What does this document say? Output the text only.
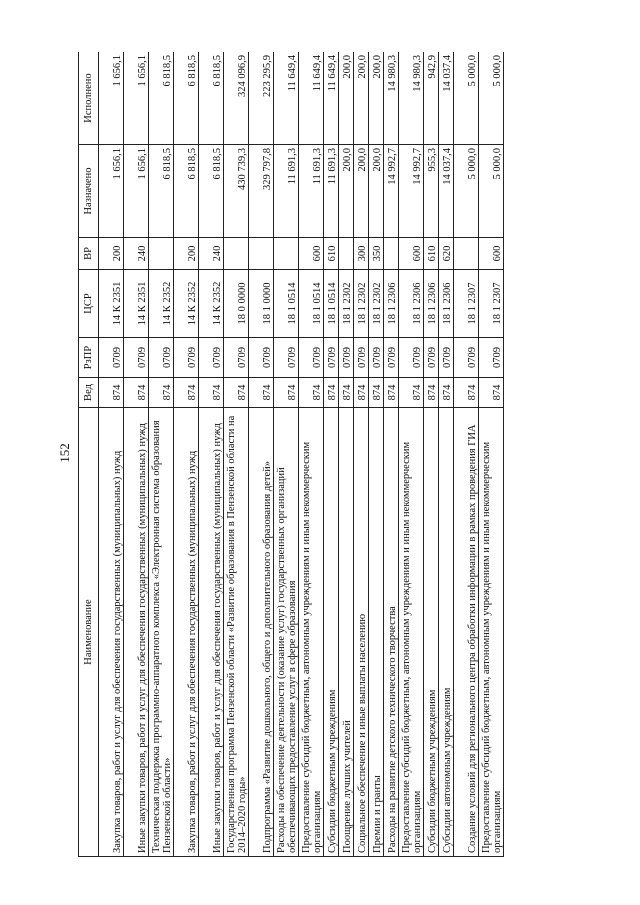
152
Наименование	Вед	РзПР	ЦСР	ВР	Назначено	Исполнено
Закупка товаров, работ и услуг для обеспечения государственных (муниципальных) нужд	874	0709	14 К 2351	200	1 656,1	1 656,1
Иные закупки товаров, работ и услуг для обеспечения государственных (муниципальных) нужд	874	0709	14 К 2351	240	1 656,1	1 656,1
Техническая поддержка программно-аппаратного комплекса «Электронная система образования Пензенской области»	874	0709	14 К 2352		6 818,5	6 818,5
Закупка товаров, работ и услуг для обеспечения государственных (муниципальных) нужд	874	0709	14 К 2352	200	6 818,5	6 818,5
Иные закупки товаров, работ и услуг для обеспечения государственных (муниципальных) нужд	874	0709	14 К 2352	240	6 818,5	6 818,5
Государственная программа Пензенской области «Развитие образования в Пензенской области на 2014–2020 годы»	874	0709	18 0 0000		430 739,3	324 096,9
Подпрограмма «Развитие дошкольного, общего и дополнительного образования детей»	874	0709	18 1 0000		329 797,8	223 295,9
Расходы на обеспечение деятельности (оказание услуг) государственных организаций обеспечивающих предоставление услуг в сфере образования	874	0709	18 1 0514		11 691,3	11 649,4
Предоставление субсидий бюджетным, автономным учреждениям и иным некоммерческим организациям	874	0709	18 1 0514	600	11 691,3	11 649,4
Субсидии бюджетным учреждениям	874	0709	18 1 0514	610	11 691,3	11 649,4
Поощрение лучших учителей	874	0709	18 1 2302		200,0	200,0
Социальное обеспечение и иные выплаты населению	874	0709	18 1 2302	300	200,0	200,0
Премии и гранты	874	0709	18 1 2302	350	200,0	200,0
Расходы на развитие детского технического творчества	874	0709	18 1 2306		14 992,7	14 980,3
Предоставление субсидий бюджетным, автономным учреждениям и иным некоммерческим организациям	874	0709	18 1 2306	600	14 992,7	14 980,3
Субсидии бюджетным учреждениям	874	0709	18 1 2306	610	955,3	942,9
Субсидии автономным учреждениям	874	0709	18 1 2306	620	14 037,4	14 037,4
Создание условий для регионального центра обработки информации в рамках проведения ГИА	874	0709	18 1 2307		5 000,0	5 000,0
Предоставление субсидий бюджетным, автономным учреждениям и иным некоммерческим организациям	874	0709	18 1 2307	600	5 000,0	5 000,0
